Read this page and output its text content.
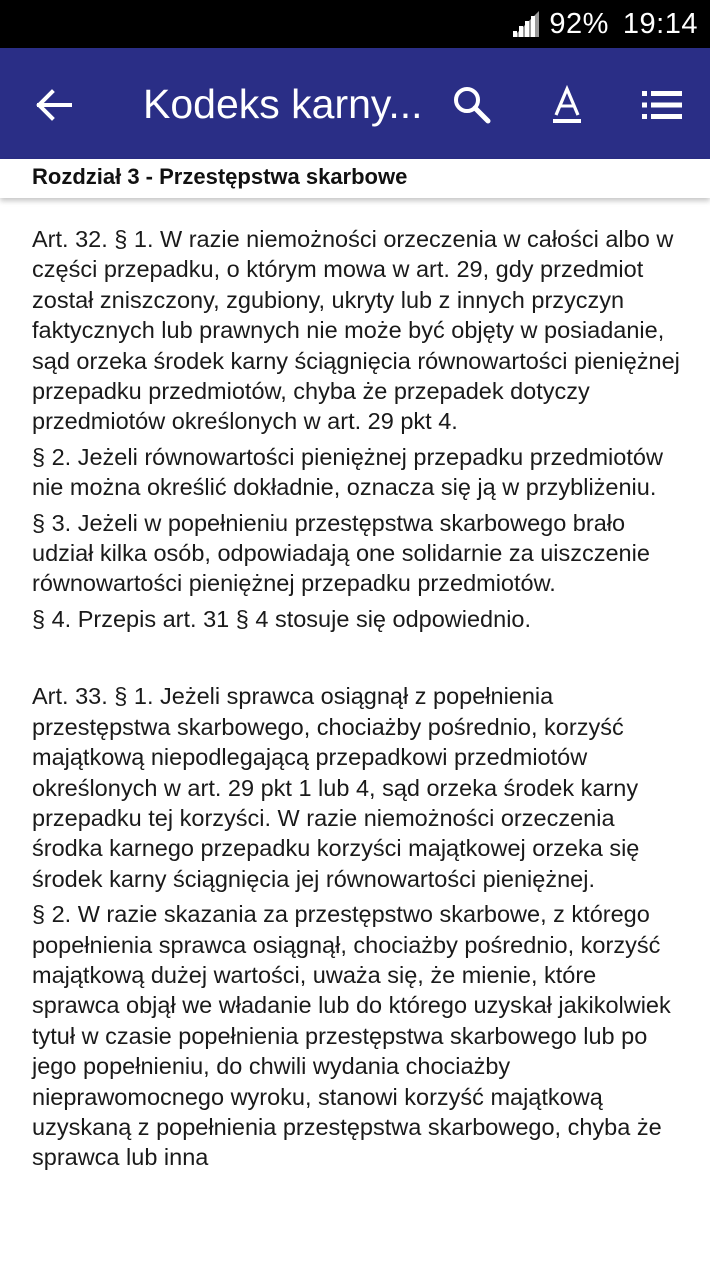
92% 19:14
Kodeks karny...
Rozdział 3 - Przestępstwa skarbowe

Art. 32. § 1. W razie niemożności orzeczenia w całości albo w części przepadku, o którym mowa w art. 29, gdy przedmiot został zniszczony, zgubiony, ukryty lub z innych przyczyn faktycznych lub prawnych nie może być objęty w posiadanie, sąd orzeka środek karny ściągnięcia równowartości pieniężnej przepadku przedmiotów, chyba że przepadek dotyczy przedmiotów określonych w art. 29 pkt 4.

§ 2. Jeżeli równowartości pieniężnej przepadku przedmiotów nie można określić dokładnie, oznacza się ją w przybliżeniu.

§ 3. Jeżeli w popełnieniu przestępstwa skarbowego brało udział kilka osób, odpowiadają one solidarnie za uiszczenie równowartości pieniężnej przepadku przedmiotów.

§ 4. Przepis art. 31 § 4 stosuje się odpowiednio.

Art. 33. § 1. Jeżeli sprawca osiągnął z popełnienia przestępstwa skarbowego, chociażby pośrednio, korzyść majątkową niepodlegającą przepadkowi przedmiotów określonych w art. 29 pkt 1 lub 4, sąd orzeka środek karny przepadku tej korzyści. W razie niemożności orzeczenia środka karnego przepadku korzyści majątkowej orzeka się środek karny ściągnięcia jej równowartości pieniężnej.

§ 2. W razie skazania za przestępstwo skarbowe, z którego popełnienia sprawca osiągnął, chociażby pośrednio, korzyść majątkową dużej wartości, uważa się, że mienie, które sprawca objął we władanie lub do którego uzyskał jakikolwiek tytuł w czasie popełnienia przestępstwa skarbowego lub po jego popełnieniu, do chwili wydania chociażby nieprawomocnego wyroku, stanowi korzyść majątkową uzyskaną z popełnienia przestępstwa skarbowego, chyba że sprawca lub inna
